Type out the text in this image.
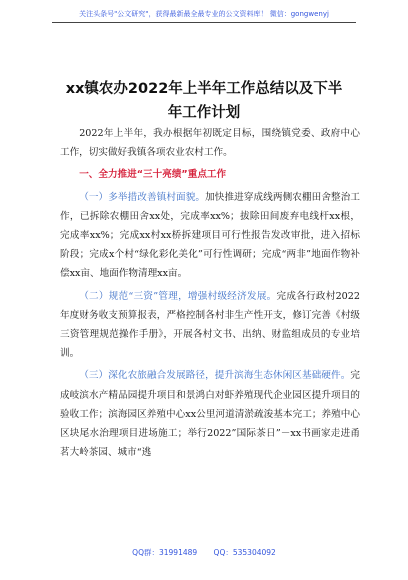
关注头条号"公文研究"，获得最新最全最专业的公文资料库！ 微信：gongwenyj
xx镇农办2022年上半年工作总结以及下半
年工作计划

2022年上半年，我办根据年初既定目标，围绕镇党委、政府中心工作，切实做好我镇各项农业农村工作。

一、全力推进“三十亮绩”重点工作

（一）多举措改善镇村面貌。加快推进穿成线两侧农棚田舍整治工作，已拆除农棚田舍xx处，完成率xx%；拔除田间废弃电线杆xx根，完成率xx%；完成xx村xx桥拆建项目可行性报告发改审批，进入招标阶段；完成x个村“绿化彩化美化”可行性调研；完成“两非”地面作物补偿xx亩、地面作物清理xx亩。

（二）规范“三资”管理，增强村级经济发展。完成各行政村2022年度财务收支预算报表，严格控制各村非生产性开支，修订完善《村级三资管理规范操作手册》，开展各村文书、出纳、财监组成员的专业培训。

（三）深化农旅融合发展路径，提升滨海生态休闲区基础硬件。完成岐滨水产精品园提升项目和景鸿白对虾养殖现代企业园区提升项目的验收工作；滨海园区养殖中心xx公里河道清淤疏浚基本完工；养殖中心区块尾水治理项目进场施工；举行2022”国际茶日”－xx书画家走进甬茗大岭茶园、城市“逃

QQ群：31991489 QQ：535304092
